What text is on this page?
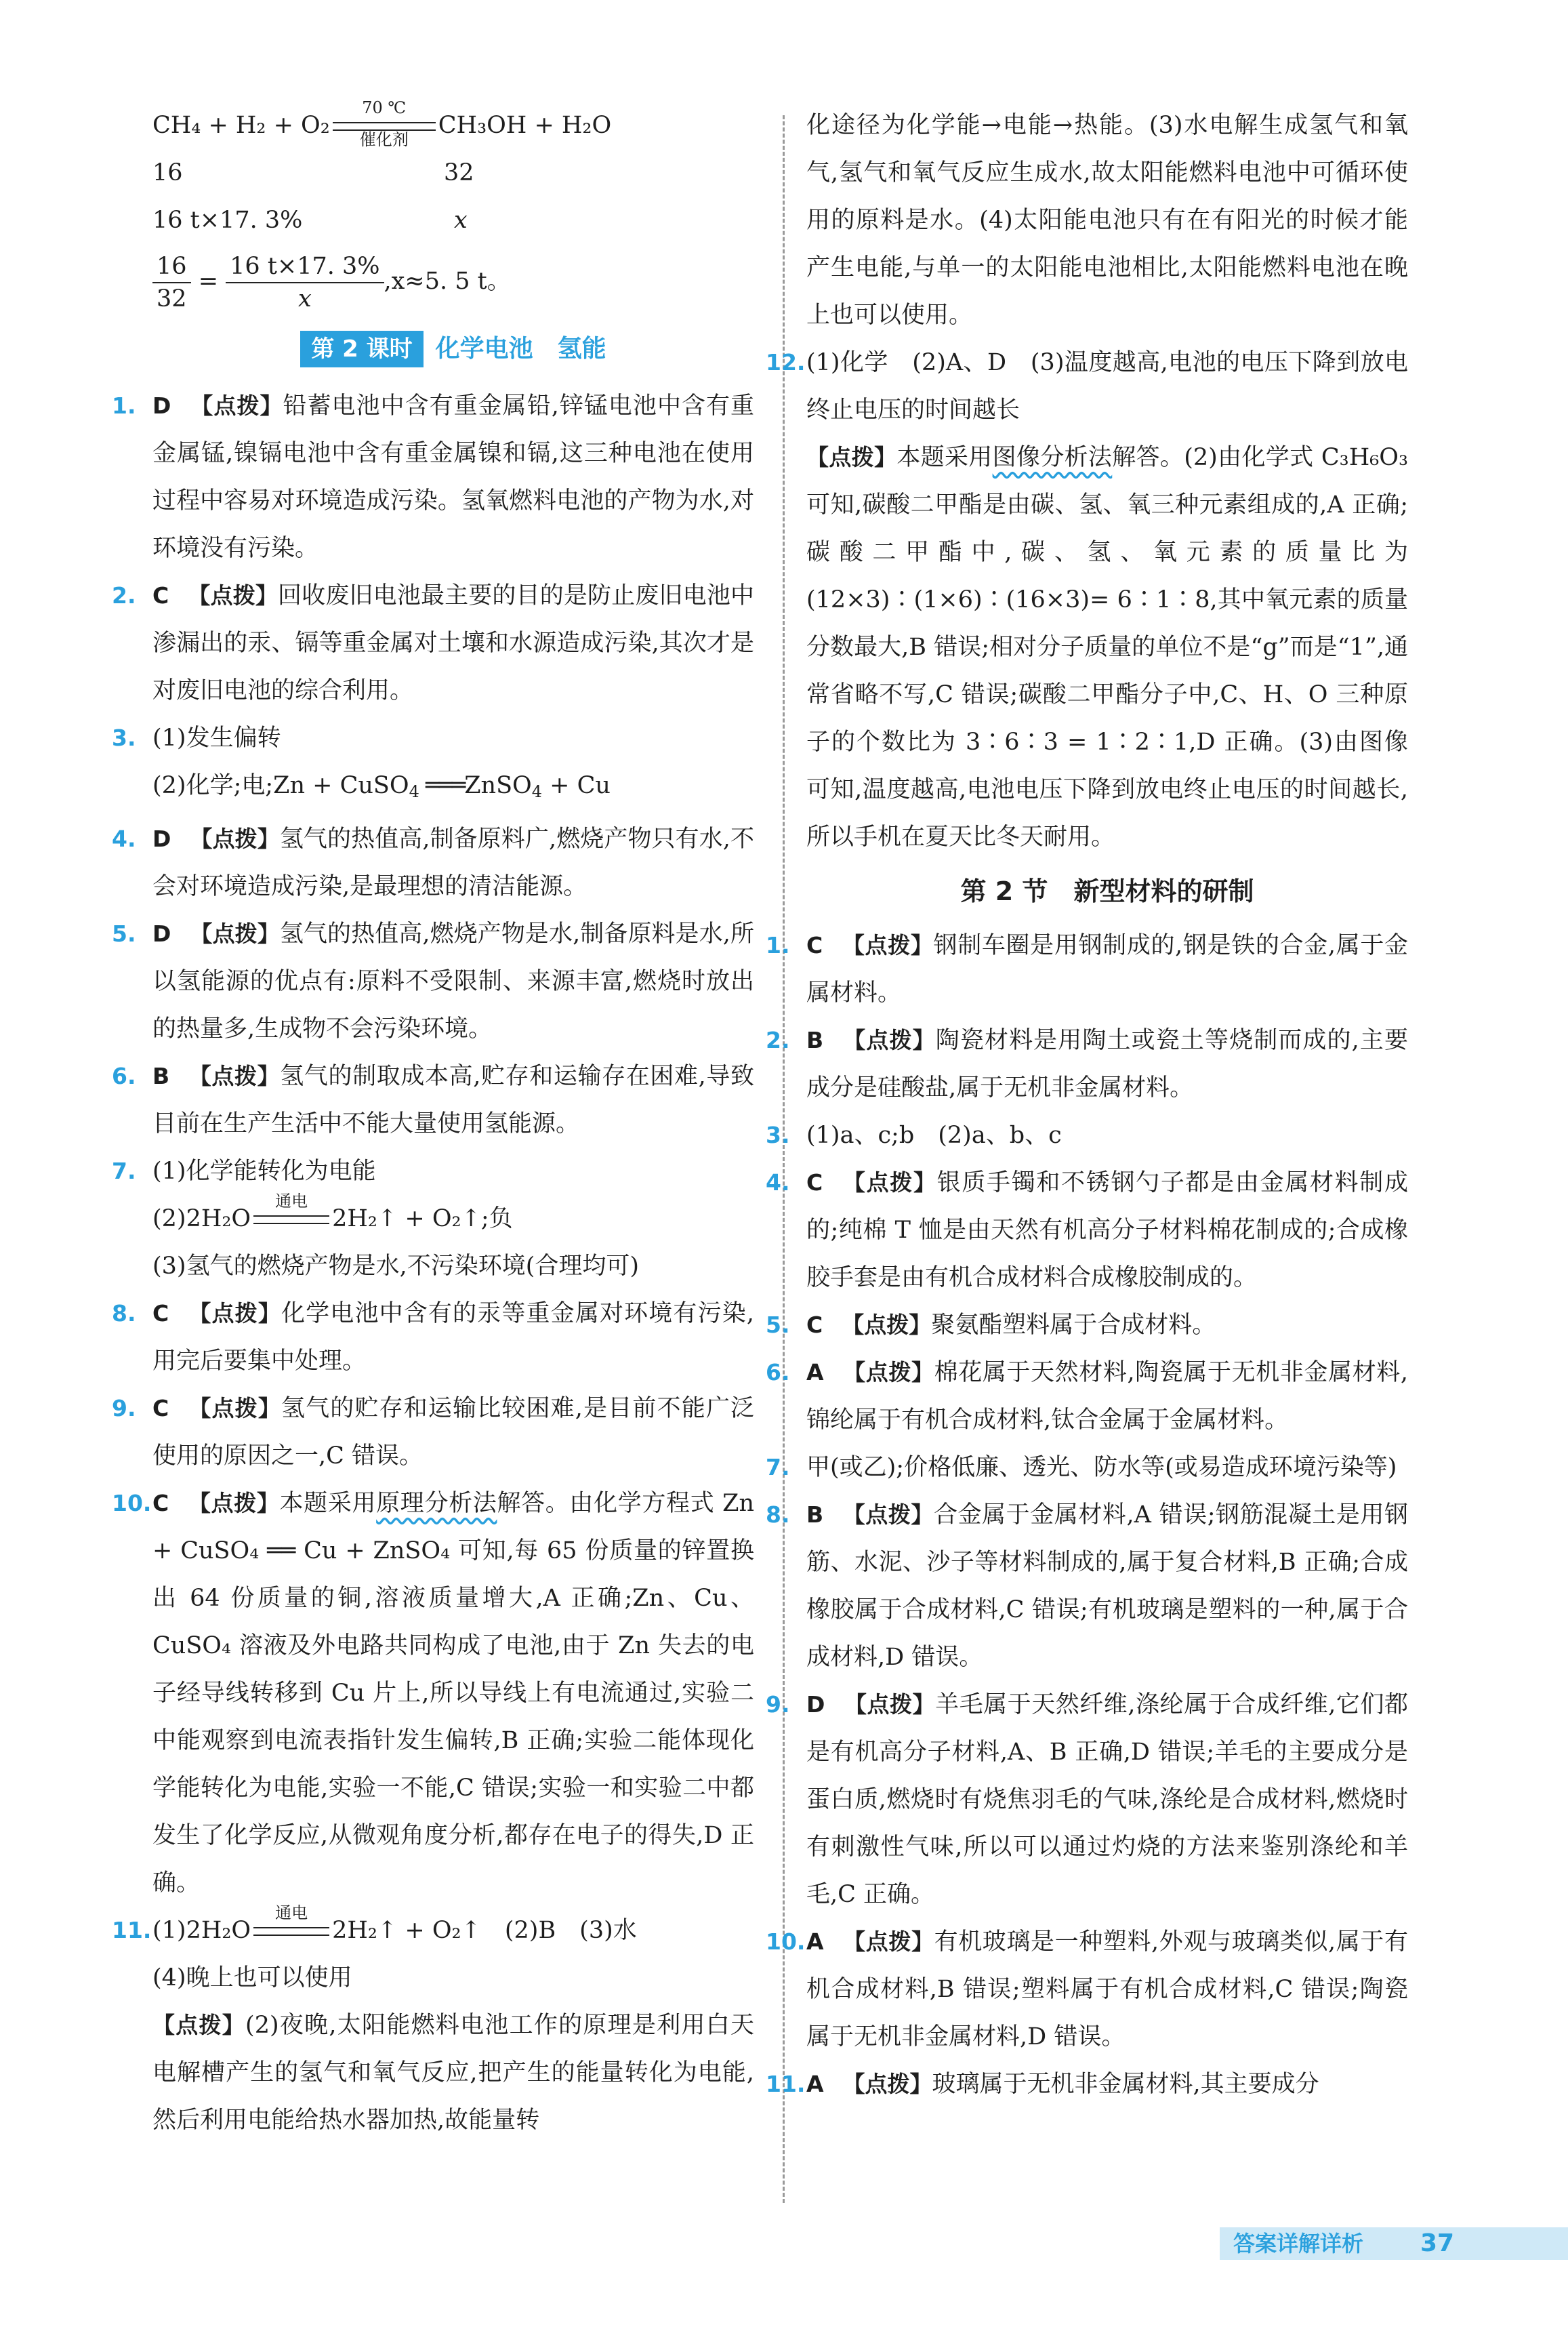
CH₄ + H₂ + O₂
70 ℃
催化剂
CH₃OH + H₂O

16	32

16 t×17. 3%	x

$\frac{16}{32} = \frac{16 t\times 17. 3\%}{x},x\approx 5$. 5 t。

第 2 课时 化学电池　氢能

1. D 【点拨】铅蓄电池中含有重金属铅,锌锰电池中含有重金属锰,镍镉电池中含有重金属镍和镉,这三种电池在使用过程中容易对环境造成污染。氢氧燃料电池的产物为水,对环境没有污染。

2. C 【点拨】回收废旧电池最主要的目的是防止废旧电池中渗漏出的汞、镉等重金属对土壤和水源造成污染,其次才是对废旧电池的综合利用。

3. (1)发生偏转

(2)化学;电;Zn + CuSO$_4$ ═══ZnSO$_4$ + Cu

4. D 【点拨】氢气的热值高,制备原料广,燃烧产物只有水,不会对环境造成污染,是最理想的清洁能源。

5. D 【点拨】氢气的热值高,燃烧产物是水,制备原料是水,所以氢能源的优点有:原料不受限制、来源丰富,燃烧时放出的热量多,生成物不会污染环境。

6. B 【点拨】氢气的制取成本高,贮存和运输存在困难,导致目前在生产生活中不能大量使用氢能源。

7. (1)化学能转化为电能

(2)2H₂O
通电
2H₂↑ + O₂↑;负

(3)氢气的燃烧产物是水,不污染环境(合理均可)

8. C 【点拨】化学电池中含有的汞等重金属对环境有污染,用完后要集中处理。

9. C 【点拨】氢气的贮存和运输比较困难,是目前不能广泛使用的原因之一,C 错误。

10. C 【点拨】本题采用原理分析法解答。由化学方程式 Zn + CuSO₄ ══ Cu + ZnSO₄ 可知,每 65 份质量的锌置换出 64 份质量的铜,溶液质量增大,A 正确;Zn、Cu、CuSO₄ 溶液及外电路共同构成了电池,由于 Zn 失去的电子经导线转移到 Cu 片上,所以导线上有电流通过,实验二中能观察到电流表指针发生偏转,B 正确;实验二能体现化学能转化为电能,实验一不能,C 错误;实验一和实验二中都发生了化学反应,从微观角度分析,都存在电子的得失,D 正确。

11. (1)2H₂O
通电
2H₂↑ + O₂↑　(2)B　(3)水

(4)晚上也可以使用

【点拨】(2)夜晚,太阳能燃料电池工作的原理是利用白天电解槽产生的氢气和氧气反应,把产生的能量转化为电能,然后利用电能给热水器加热,故能量转

化途径为化学能→电能→热能。(3)水电解生成氢气和氧气,氢气和氧气反应生成水,故太阳能燃料电池中可循环使用的原料是水。(4)太阳能电池只有在有阳光的时候才能产生电能,与单一的太阳能电池相比,太阳能燃料电池在晚上也可以使用。

12. (1)化学　(2)A、D　(3)温度越高,电池的电压下降到放电终止电压的时间越长

【点拨】本题采用图像分析法解答。(2)由化学式 C₃H₆O₃ 可知,碳酸二甲酯是由碳、氢、氧三种元素组成的,A 正确;碳酸二甲酯中,碳、氢、氧元素的质量比为(12×3)∶(1×6)∶(16×3)= 6∶1∶8,其中氧元素的质量分数最大,B 错误;相对分子质量的单位不是“g”而是“1”,通常省略不写,C 错误;碳酸二甲酯分子中,C、H、O 三种原子的个数比为 3∶6∶3 = 1∶2∶1,D 正确。(3)由图像可知,温度越高,电池电压下降到放电终止电压的时间越长,所以手机在夏天比冬天耐用。

第 2 节　新型材料的研制

1. C 【点拨】钢制车圈是用钢制成的,钢是铁的合金,属于金属材料。

2. B 【点拨】陶瓷材料是用陶土或瓷土等烧制而成的,主要成分是硅酸盐,属于无机非金属材料。

3. (1)a、c;b　(2)a、b、c

4. C 【点拨】银质手镯和不锈钢勺子都是由金属材料制成的;纯棉 T 恤是由天然有机高分子材料棉花制成的;合成橡胶手套是由有机合成材料合成橡胶制成的。

5. C 【点拨】聚氨酯塑料属于合成材料。

6. A 【点拨】棉花属于天然材料,陶瓷属于无机非金属材料,锦纶属于有机合成材料,钛合金属于金属材料。

7. 甲(或乙);价格低廉、透光、防水等(或易造成环境污染等)

8. B 【点拨】合金属于金属材料,A 错误;钢筋混凝土是用钢筋、水泥、沙子等材料制成的,属于复合材料,B 正确;合成橡胶属于合成材料,C 错误;有机玻璃是塑料的一种,属于合成材料,D 错误。

9. D 【点拨】羊毛属于天然纤维,涤纶属于合成纤维,它们都是有机高分子材料,A、B 正确,D 错误;羊毛的主要成分是蛋白质,燃烧时有烧焦羽毛的气味,涤纶是合成材料,燃烧时有刺激性气味,所以可以通过灼烧的方法来鉴别涤纶和羊毛,C 正确。

10. A 【点拨】有机玻璃是一种塑料,外观与玻璃类似,属于有机合成材料,B 错误;塑料属于有机合成材料,C 错误;陶瓷属于无机非金属材料,D 错误。

11. A 【点拨】玻璃属于无机非金属材料,其主要成分

答案详解详析 37
